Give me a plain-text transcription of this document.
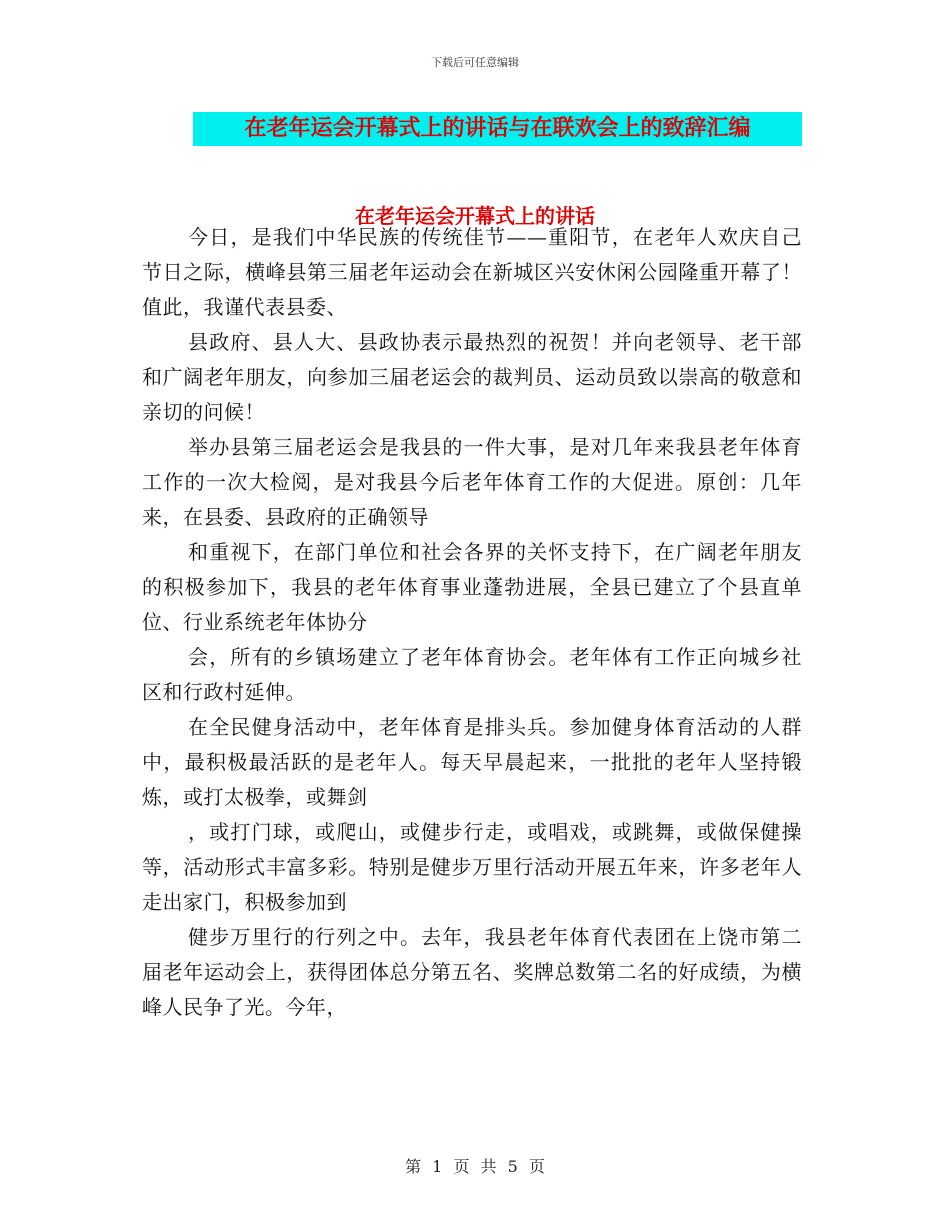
下载后可任意编辑
在老年运会开幕式上的讲话与在联欢会上的致辞汇编
在老年运会开幕式上的讲话

今日，是我们中华民族的传统佳节——重阳节，在老年人欢庆自己节日之际，横峰县第三届老年运动会在新城区兴安休闲公园隆重开幕了！值此，我谨代表县委、

县政府、县人大、县政协表示最热烈的祝贺！并向老领导、老干部和广阔老年朋友，向参加三届老运会的裁判员、运动员致以崇高的敬意和亲切的问候！

举办县第三届老运会是我县的一件大事，是对几年来我县老年体育工作的一次大检阅，是对我县今后老年体育工作的大促进。原创：几年来，在县委、县政府的正确领导

和重视下，在部门单位和社会各界的关怀支持下，在广阔老年朋友的积极参加下，我县的老年体育事业蓬勃进展，全县已建立了个县直单位、行业系统老年体协分

会，所有的乡镇场建立了老年体育协会。老年体有工作正向城乡社区和行政村延伸。

在全民健身活动中，老年体育是排头兵。参加健身体育活动的人群中，最积极最活跃的是老年人。每天早晨起来，一批批的老年人坚持锻炼，或打太极拳，或舞剑

，或打门球，或爬山，或健步行走，或唱戏，或跳舞，或做保健操等，活动形式丰富多彩。特别是健步万里行活动开展五年来，许多老年人走出家门，积极参加到

健步万里行的行列之中。去年，我县老年体育代表团在上饶市第二届老年运动会上，获得团体总分第五名、奖牌总数第二名的好成绩，为横峰人民争了光。今年，

第 1 页 共 5 页
